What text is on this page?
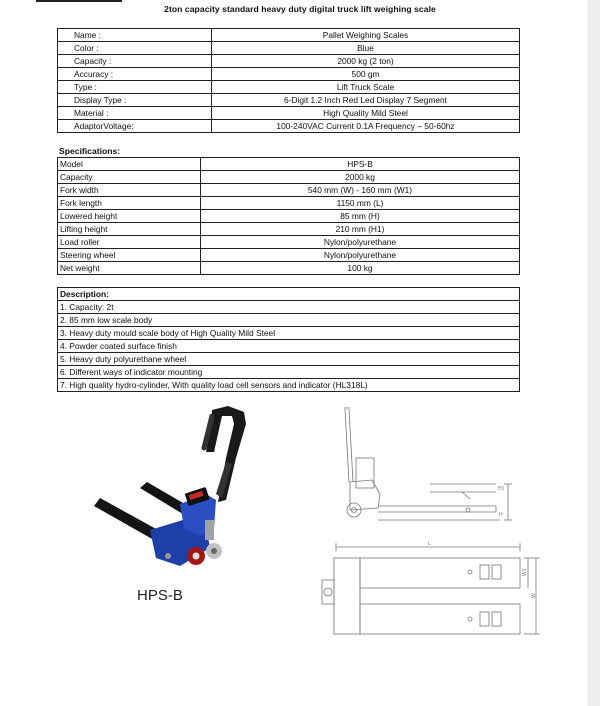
2ton capacity standard heavy duty digital truck lift weighing scale
Name :	Pallet Weighing Scales
Color :	Blue
Capacity :	2000 kg (2 ton)
Accuracy :	500 gm
Type :	Lift Truck Scale
Display Type :	6-Digit 1.2 Inch Red Led Display 7 Segment
Material :	High Quality Mild Steel
AdaptorVoltage:	100-240VAC Current 0.1A Frequency – 50-60hz
Specifications:
Model	HPS-B
Capacity	2000 kg
Fork width	540 mm (W) - 160 mm (W1)
Fork length	1150 mm (L)
Lowered height	85 mm (H)
Lifting height	210 mm (H1)
Load roller	Nylon/polyurethane
Steering wheel	Nylon/polyurethane
Net weight	100 kg
Description:
1. Capacity: 2t
2. 85 mm low scale body
3. Heavy duty mould scale body of High Quality Mild Steel
4. Powder coated surface finish
5. Heavy duty polyurethane wheel
6. Different ways of indicator mounting
7. High quality hydro-cylinder, With quality load cell sensors and indicator (HL318L)
HPS-B
H
H1
L
W1
W
